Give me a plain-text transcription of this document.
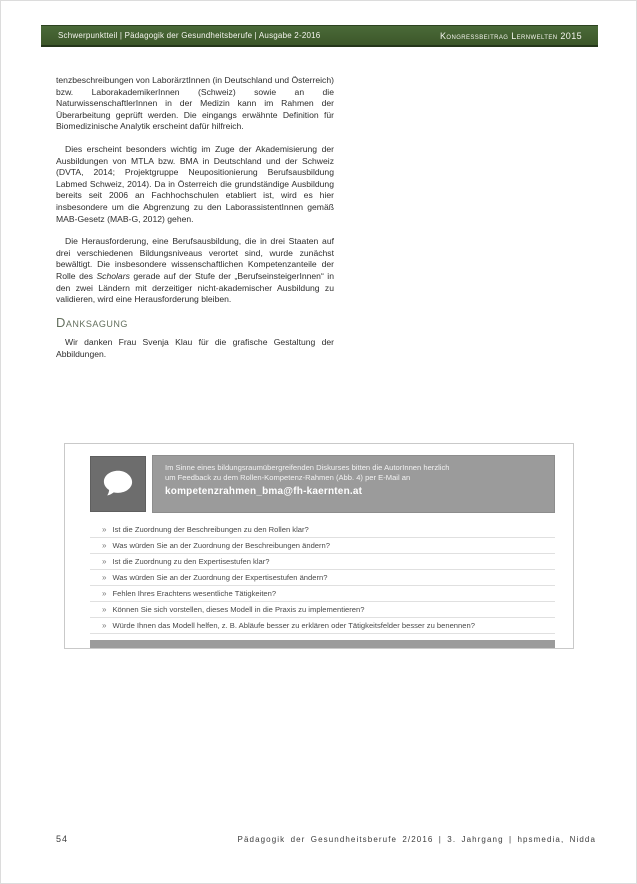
Schwerpunktteil | Pädagogik der Gesundheitsberufe | Ausgabe 2-2016	Kongressbeitrag Lernwelten 2015

tenzbeschreibungen von LaborärztInnen (in Deutschland und Österreich) bzw. LaborakademikerInnen (Schweiz) sowie an die NaturwissenschaftlerInnen in der Medizin kann im Rahmen der Überarbeitung geprüft werden. Die eingangs erwähnte Definition für Biomedizinische Analytik erscheint dafür hilfreich.

Dies erscheint besonders wichtig im Zuge der Akademisierung der Ausbildungen von MTLA bzw. BMA in Deutschland und der Schweiz (DVTA, 2014; Projektgruppe Neupositionierung Berufsausbildung Labmed Schweiz, 2014). Da in Österreich die grundständige Ausbildung bereits seit 2006 an Fachhochschulen etabliert ist, wird es hier insbesondere um die Abgrenzung zu den LaborassistentInnen gemäß MAB-Gesetz (MAB-G, 2012) gehen.

Die Herausforderung, eine Berufsausbildung, die in drei Staaten auf drei verschiedenen Bildungsniveaus verortet sind, wurde zunächst bewältigt. Die insbesondere wissenschaftlichen Kompetenzanteile der Rolle des Scholars gerade auf der Stufe der „BerufseinsteigerInnen“ in den zwei Ländern mit derzeitiger nicht-akademischer Ausbildung zu validieren, wird eine Herausforderung bleiben.

Danksagung

Wir danken Frau Svenja Klau für die grafische Gestaltung der Abbildungen.

Im Sinne eines bildungsraumübergreifenden Diskurses bitten die AutorInnen herzlich
um Feedback zu dem Rollen-Kompetenz-Rahmen (Abb. 4) per E-Mail an
kompetenzrahmen_bma@fh-kaernten.at
» Ist die Zuordnung der Beschreibungen zu den Rollen klar?
» Was würden Sie an der Zuordnung der Beschreibungen ändern?
» Ist die Zuordnung zu den Expertisestufen klar?
» Was würden Sie an der Zuordnung der Expertisestufen ändern?
» Fehlen Ihres Erachtens wesentliche Tätigkeiten?
» Können Sie sich vorstellen, dieses Modell in die Praxis zu implementieren?
» Würde Ihnen das Modell helfen, z. B. Abläufe besser zu erklären oder Tätigkeitsfelder besser zu benennen?
54	Pädagogik der Gesundheitsberufe 2/2016 | 3. Jahrgang | hpsmedia, Nidda
